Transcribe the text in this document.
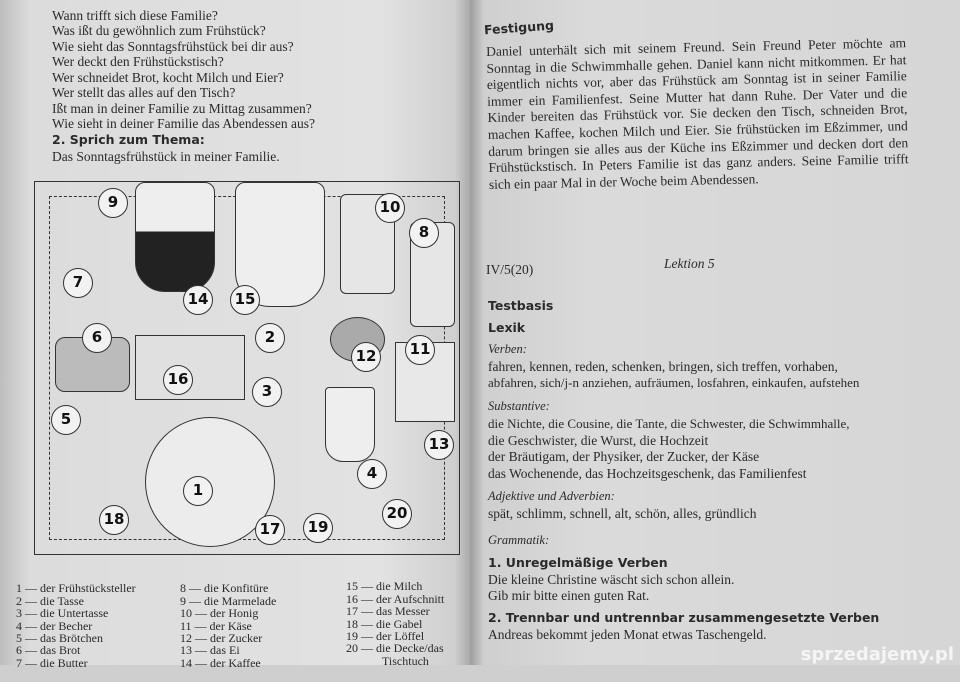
Wann trifft sich diese Familie?
Was ißt du gewöhnlich zum Frühstück?
Wie sieht das Sonntagsfrühstück bei dir aus?
Wer deckt den Frühstückstisch?
Wer schneidet Brot, kocht Milch und Eier?
Wer stellt das alles auf den Tisch?
Ißt man in deiner Familie zu Mittag zusammen?
Wie sieht in deiner Familie das Abendessen aus?
2. Sprich zum Thema:
Das Sonntagsfrühstück in meiner Familie.
1
2
3
4
5
6
7
8
9	10
11
12
13
14	15
16
17
18	19
20

1 — der Frühstücksteller
2 — die Tasse
3 — die Untertasse
4 — der Becher
5 — das Brötchen
6 — das Brot
7 — die Butter

8 — die Konfitüre
9 — die Marmelade
10 — der Honig
11 — der Käse
12 — der Zucker
13 — das Ei
14 — der Kaffee

15 — die Milch
16 — der Aufschnitt
17 — das Messer
18 — die Gabel
19 — der Löffel
20 — die Decke/das
Tischtuch

Festigung
Daniel unterhält sich mit seinem Freund. Sein Freund Peter möchte am Sonntag in die Schwimmhalle gehen. Daniel kann nicht mitkommen. Er hat eigentlich nichts vor, aber das Frühstück am Sonntag ist in seiner Familie immer ein Familienfest. Seine Mutter hat dann Ruhe. Der Vater und die Kinder bereiten das Frühstück vor. Sie decken den Tisch, schneiden Brot, machen Kaffee, kochen Milch und Eier. Sie frühstücken im Eßzimmer, und darum bringen sie alles aus der Küche ins Eßzimmer und decken dort den Frühstückstisch. In Peters Familie ist das ganz anders. Seine Familie trifft sich ein paar Mal in der Woche beim Abendessen.
IV/5(20)	Lektion 5
Testbasis
Lexik
Verben:
fahren, kennen, reden, schenken, bringen, sich treffen, vorhaben,
abfahren, sich/j-n anziehen, aufräumen, losfahren, einkaufen, aufstehen
Substantive:
die Nichte, die Cousine, die Tante, die Schwester, die Schwimmhalle,
die Geschwister, die Wurst, die Hochzeit
der Bräutigam, der Physiker, der Zucker, der Käse
das Wochenende, das Hochzeitsgeschenk, das Familienfest
Adjektive und Adverbien:
spät, schlimm, schnell, alt, schön, alles, gründlich
Grammatik:
1. Unregelmäßige Verben
Die kleine Christine wäscht sich schon allein.
Gib mir bitte einen guten Rat.
2. Trennbar und untrennbar zusammengesetzte Verben
Andreas bekommt jeden Monat etwas Taschengeld.
sprzedajemy.pl
